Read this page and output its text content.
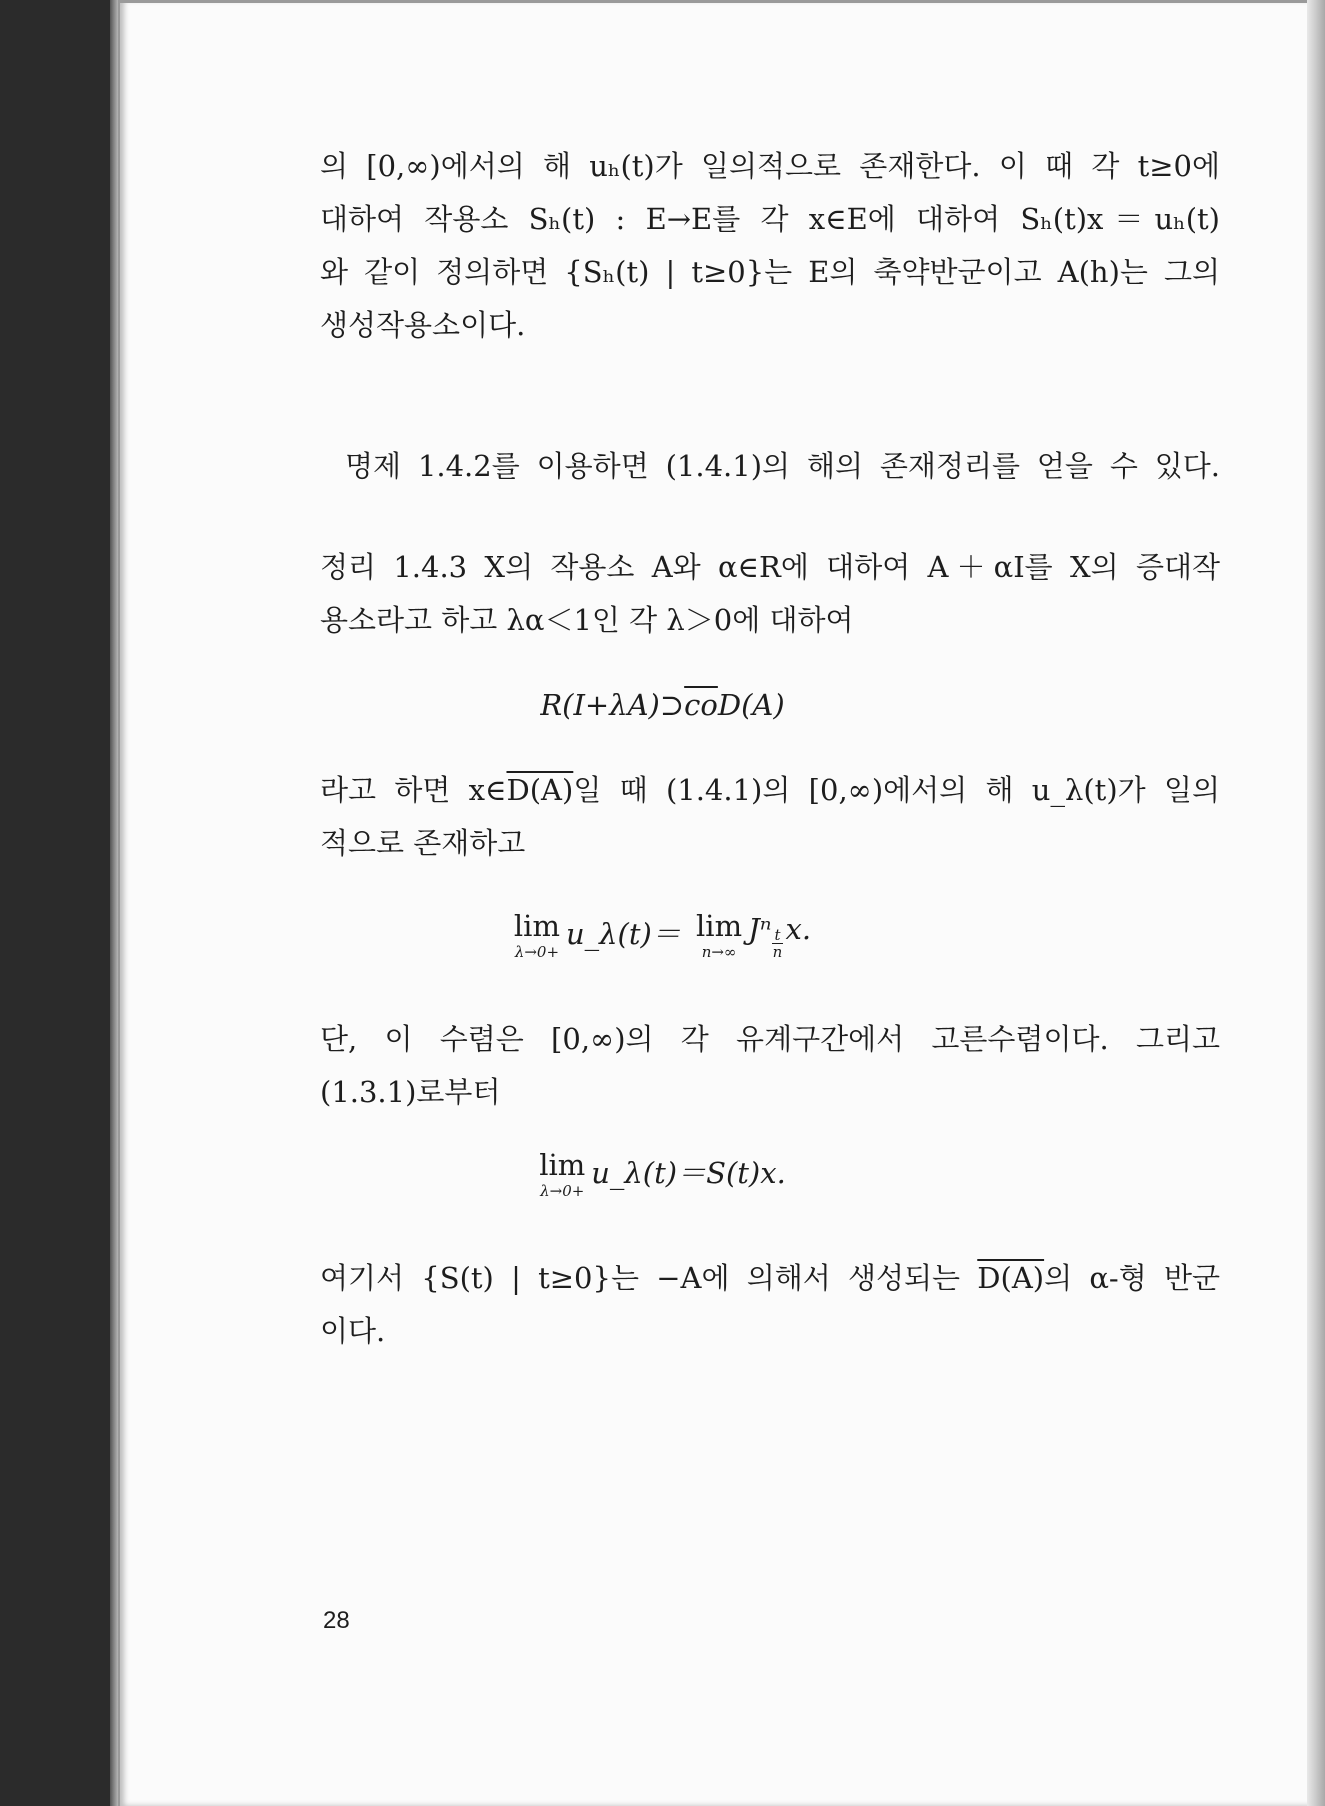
의 [0,∞)에서의 해 uₕ(t)가 일의적으로 존재한다. 이 때 각 t≥0에
대하여 작용소 Sₕ(t) : E→E를 각 x∈E에 대하여 Sₕ(t)x＝uₕ(t)
와 같이 정의하면 {Sₕ(t) | t≥0}는 E의 축약반군이고 A(h)는 그의
생성작용소이다.
명제 1.4.2를 이용하면 (1.4.1)의 해의 존재정리를 얻을 수 있다.
정리 1.4.3 X의 작용소 A와 α∈R에 대하여 A＋αI를 X의 증대작
용소라고 하고 λα＜1인 각 λ＞0에 대하여
$R(I+\lambda A)⊃\overline{co}D(A)$
라고 하면 x∈D(A)일 때 (1.4.1)의 [0,∞)에서의 해 u_λ(t)가 일의
적으로 존재하고
lim
λ→0+
u_λ(t)＝ lim
n→∞
Jⁿ $\frac{t}{n} x$.
단, 이 수렴은 [0,∞)의 각 유계구간에서 고른수렴이다. 그리고
(1.3.1)로부터
lim
λ→0+
u_λ(t)＝S(t)x.
여기서 {S(t) | t≥0}는 −A에 의해서 생성되는 D(A)의 α-형 반군
이다.
28
